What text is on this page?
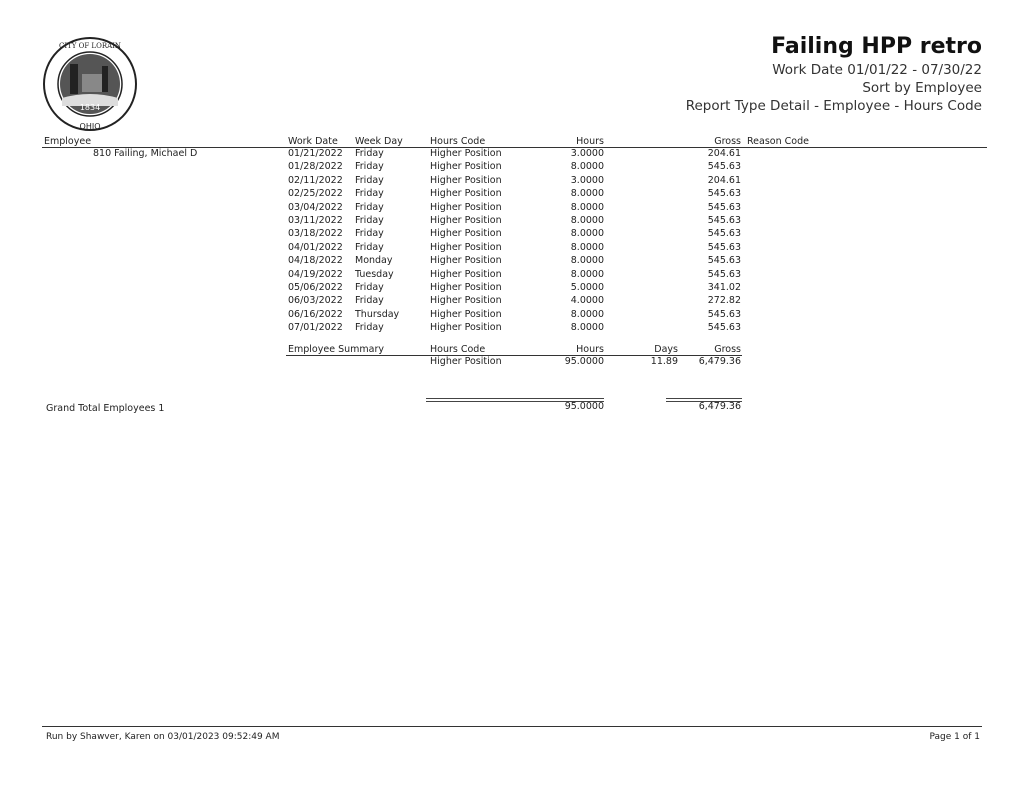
1834
OHIO
CITY OF LORAIN	Failing HPP retro
Work Date 01/01/22 - 07/30/22
Sort by Employee
Report Type Detail - Employee - Hours Code
Employee	Work Date Week Day	Hours Code	Hours	Gross Reason Code
810 Failing, Michael D	01/21/2022 Friday	Higher Position	3.0000	204.61
01/28/2022 Friday	Higher Position	8.0000	545.63
02/11/2022 Friday	Higher Position	3.0000	204.61
02/25/2022 Friday	Higher Position	8.0000	545.63
03/04/2022 Friday	Higher Position	8.0000	545.63
03/11/2022 Friday	Higher Position	8.0000	545.63
03/18/2022 Friday	Higher Position	8.0000	545.63
04/01/2022 Friday	Higher Position	8.0000	545.63
04/18/2022 Monday	Higher Position	8.0000	545.63
04/19/2022 Tuesday	Higher Position	8.0000	545.63
05/06/2022 Friday	Higher Position	5.0000	341.02
06/03/2022 Friday	Higher Position	4.0000	272.82
06/16/2022 Thursday	Higher Position	8.0000	545.63
07/01/2022 Friday	Higher Position	8.0000	545.63
Employee Summary	Hours Code	Hours	Days	Gross
Higher Position	95.0000	11.89 6,479.36
Grand Total Employees 1	95.0000	6,479.36
Run by Shawver, Karen on 03/01/2023 09:52:49 AM	Page 1 of 1
